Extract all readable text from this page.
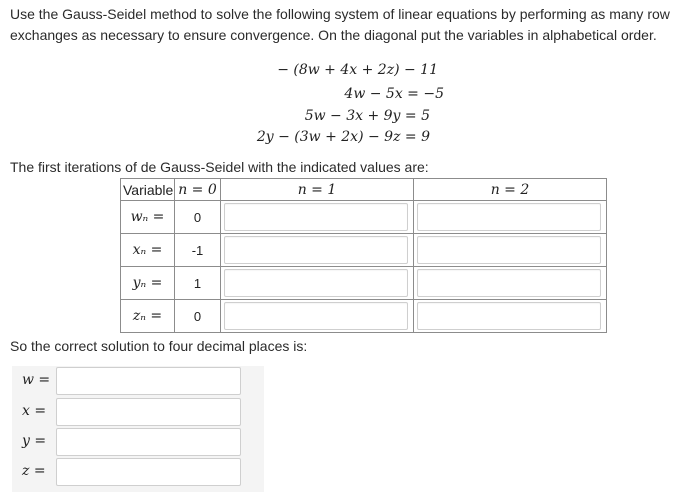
Use the Gauss-Seidel method to solve the following system of linear equations by performing as many row exchanges as necessary to ensure convergence. On the diagonal put the variables in alphabetical order.
− (8w + 4x + 2z) − 11
4w − 5x = −5
5w − 3x + 9y = 5
2y − (3w + 2x) − 9z = 9
The first iterations of de Gauss-Seidel with the indicated values are:
Variable	n = 0	n = 1	n = 2
wₙ =	0	

xₙ =	-1	

yₙ =	1	

zₙ =	0	

So the correct solution to four decimal places is:
w =
x =
y =
z =
